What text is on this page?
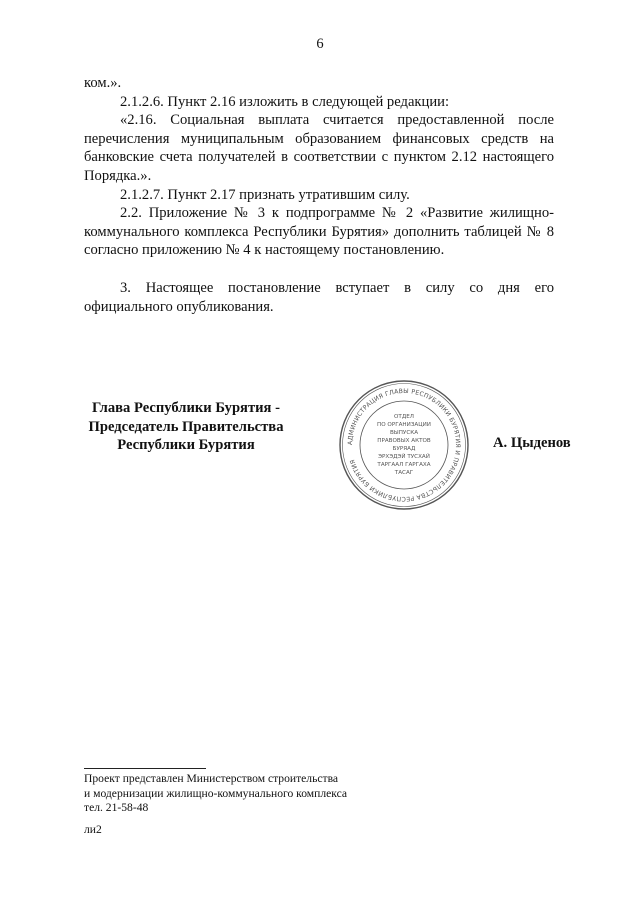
6

ком.».

2.1.2.6. Пункт 2.16 изложить в следующей редакции:

«2.16. Социальная выплата считается предоставленной после перечисления муниципальным образованием финансовых средств на банковские счета получателей в соответствии с пунктом 2.12 настоящего Порядка.».

2.1.2.7. Пункт 2.17 признать утратившим силу.

2.2. Приложение № 3 к подпрограмме № 2 «Развитие жилищно-коммунального комплекса Республики Бурятия» дополнить таблицей № 8 согласно приложению № 4 к настоящему постановлению.

3. Настоящее постановление вступает в силу со дня его официального опубликования.

Глава Республики Бурятия -
Председатель Правительства
Республики Бурятия	АДМИНИСТРАЦИЯ ГЛАВЫ РЕСПУБЛИКИ БУРЯТИЯ И ПРАВИТЕЛЬСТВА РЕСПУБЛИКИ БУРЯТИЯ
ОТДЕЛ
ПО ОРГАНИЗАЦИИ
ВЫПУСКА
ПРАВОВЫХ АКТОВ
БУРЯАД
ЭРХЭДЭЙ ТУСХАЙ
ТАРГААЛ ГАРГАХА
ТАСАГ
А. Цыденов
Проект представлен Министерством строительства
и модернизации жилищно-коммунального комплекса
тел. 21-58-48
ли2
